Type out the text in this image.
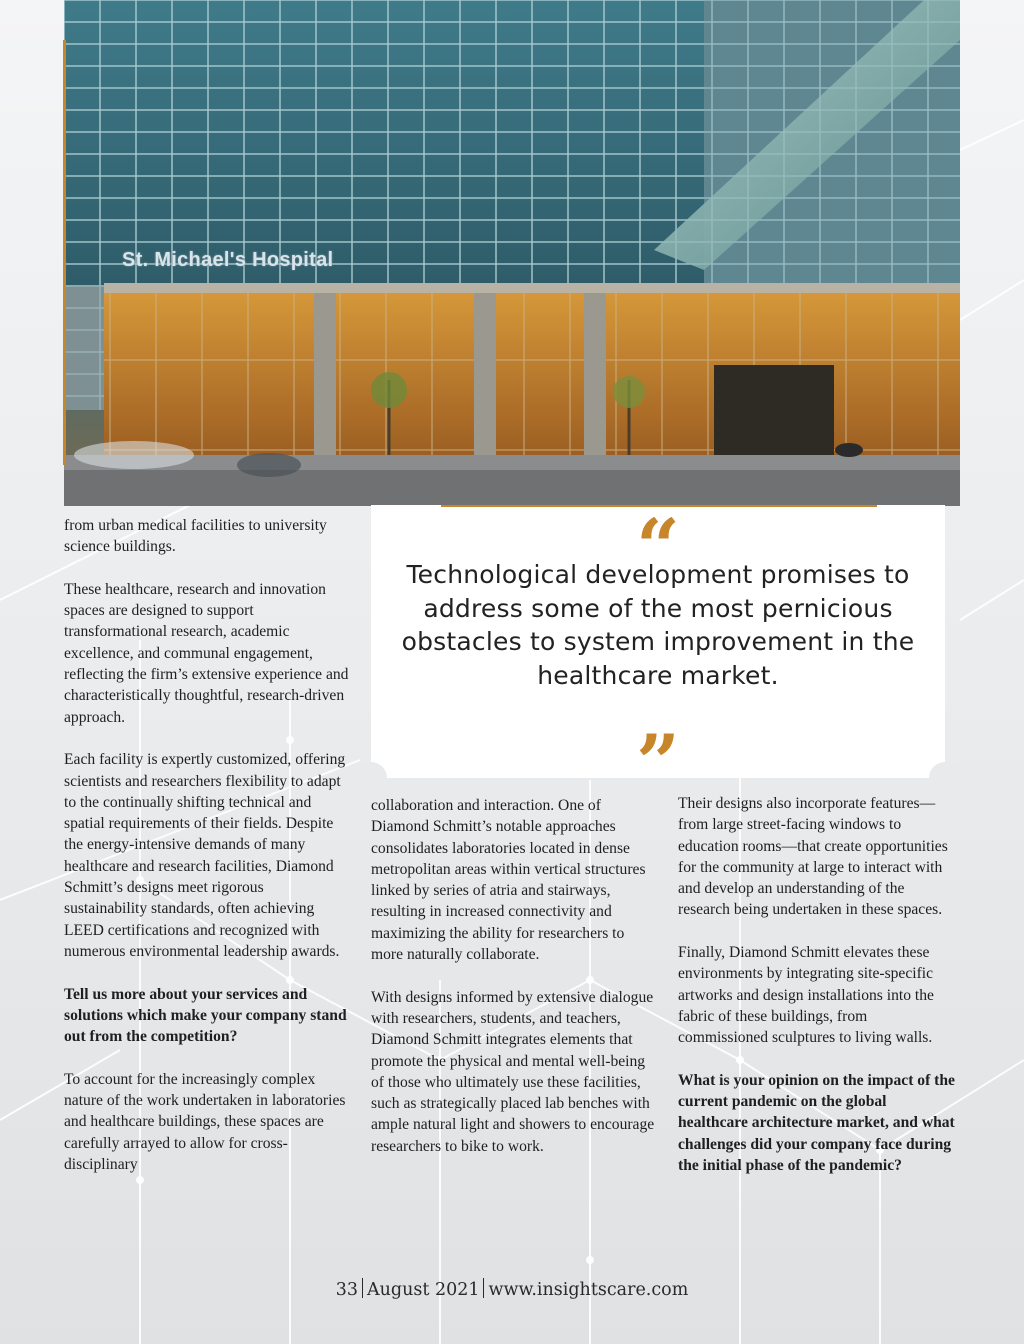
St. Michael's Hospital

from urban medical facilities to university science buildings.

These healthcare, research and innovation spaces are designed to support transformational research, academic excellence, and communal engagement, reflecting the firm’s extensive experience and characteristically thoughtful, research-driven approach.

Each facility is expertly customized, offering scientists and researchers flexibility to adapt to the continually shifting technical and spatial requirements of their fields. Despite the energy-intensive demands of many healthcare and research facilities, Diamond Schmitt’s designs meet rigorous sustainability standards, often achieving LEED certifications and recognized with numerous environmental leadership awards.

Tell us more about your services and solutions which make your company stand out from the competition?

To account for the increasingly complex nature of the work undertaken in laboratories and healthcare buildings, these spaces are carefully arrayed to allow for cross-disciplinary

Technological development promises to address some of the most pernicious obstacles to system improvement in the healthcare market.

collaboration and interaction. One of Diamond Schmitt’s notable approaches consolidates laboratories located in dense metropolitan areas within vertical structures linked by series of atria and stairways, resulting in increased connectivity and maximizing the ability for researchers to more naturally collaborate.

With designs informed by extensive dialogue with researchers, students, and teachers, Diamond Schmitt integrates elements that promote the physical and mental well-being of those who ultimately use these facilities, such as strategically placed lab benches with ample natural light and showers to encourage researchers to bike to work.

Their designs also incorporate features—from large street-facing windows to education rooms—that create opportunities for the community at large to interact with and develop an understanding of the research being undertaken in these spaces.

Finally, Diamond Schmitt elevates these environments by integrating site-specific artworks and design installations into the fabric of these buildings, from commissioned sculptures to living walls.

What is your opinion on the impact of the current pandemic on the global healthcare architecture market, and what challenges did your company face during the initial phase of the pandemic?

33 August 2021 www.insightscare.com
